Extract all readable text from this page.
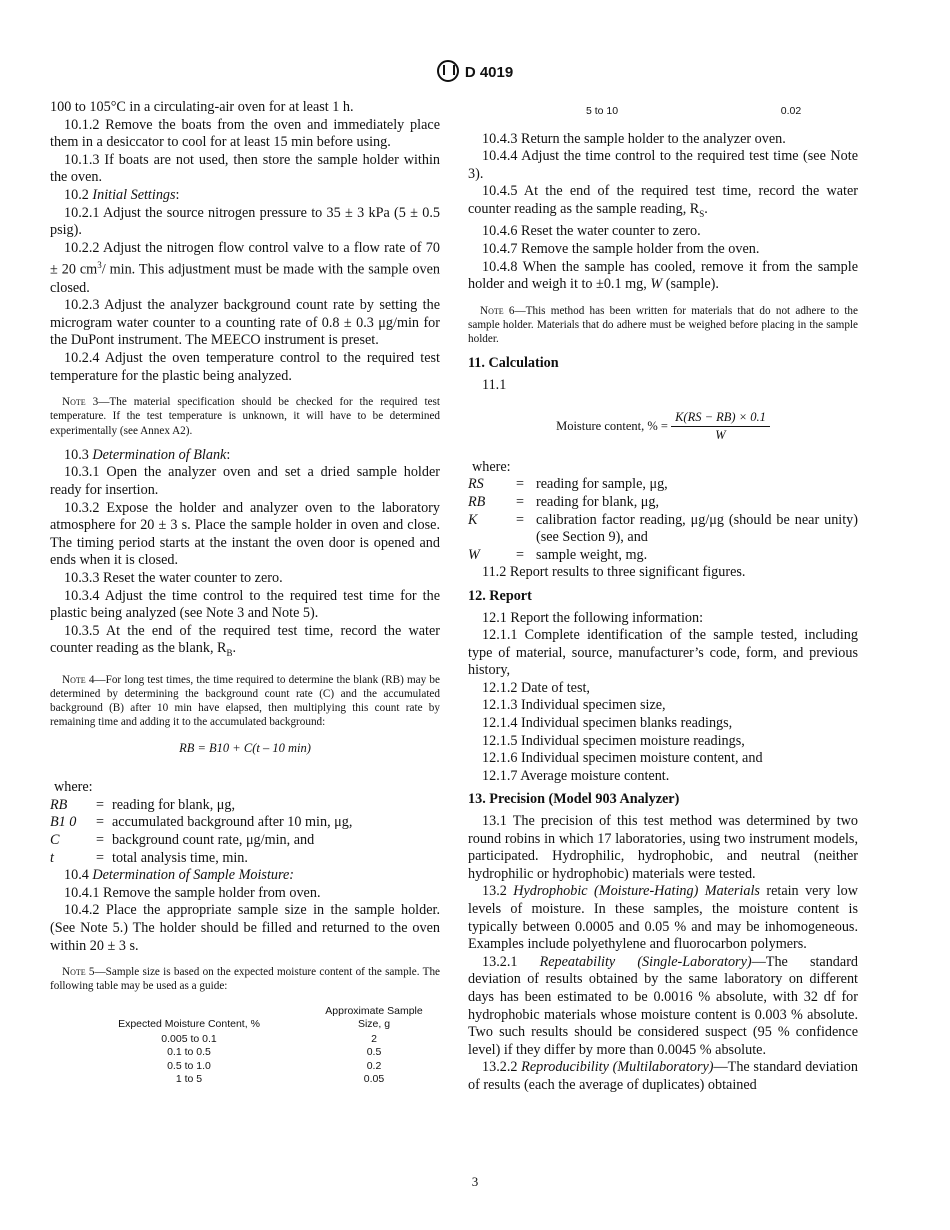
D 4019

100 to 105°C in a circulating-air oven for at least 1 h.

10.1.2 Remove the boats from the oven and immediately place them in a desiccator to cool for at least 15 min before using.

10.1.3 If boats are not used, then store the sample holder within the oven.

10.2 Initial Settings:

10.2.1 Adjust the source nitrogen pressure to 35 ± 3 kPa (5 ± 0.5 psig).

10.2.2 Adjust the nitrogen flow control valve to a flow rate of 70 ± 20 $cm^3/$ min. This adjustment must be made with the sample oven closed.

10.2.3 Adjust the analyzer background count rate by setting the microgram water counter to a counting rate of 0.8 ± 0.3 μg/min for the DuPont instrument. The MEECO instrument is preset.

10.2.4 Adjust the oven temperature control to the required test temperature for the plastic being analyzed.

Note 3—The material specification should be checked for the required test temperature. If the test temperature is unknown, it will have to be determined experimentally (see Annex A2).

10.3 Determination of Blank:

10.3.1 Open the analyzer oven and set a dried sample holder ready for insertion.

10.3.2 Expose the holder and analyzer oven to the laboratory atmosphere for 20 ± 3 s. Place the sample holder in oven and close. The timing period starts at the instant the oven door is opened and ends when it is closed.

10.3.3 Reset the water counter to zero.

10.3.4 Adjust the time control to the required test time for the plastic being analyzed (see Note 3 and Note 5).

10.3.5 At the end of the required test time, record the water counter reading as the blank, $R_B$.

Note 4—For long test times, the time required to determine the blank (RB) may be determined by determining the background count rate (C) and the accumulated background (B) after 10 min have elapsed, then multiplying this count rate by remaining time and adding it to the accumulated background:

RB = B10 + C(t – 10 min)

where:

RB	= reading for blank, μg,
B1 0	= accumulated background after 10 min, μg,
C	= background count rate, μg/min, and
t	= total analysis time, min.

10.4 Determination of Sample Moisture:

10.4.1 Remove the sample holder from oven.

10.4.2 Place the appropriate sample size in the sample holder. (See Note 5.) The holder should be filled and returned to the oven within 20 ± 3 s.

Note 5—Sample size is based on the expected moisture content of the sample. The following table may be used as a guide:

Expected Moisture Content, %	Approximate Sample Size, g
0.005 to 0.1	2
0.1 to 0.5	0.5
0.5 to 1.0	0.2
1 to 5	0.05
5 to 10	0.02

10.4.3 Return the sample holder to the analyzer oven.

10.4.4 Adjust the time control to the required test time (see Note 3).

10.4.5 At the end of the required test time, record the water counter reading as the sample reading, $R_S$.

10.4.6 Reset the water counter to zero.

10.4.7 Remove the sample holder from the oven.

10.4.8 When the sample has cooled, remove it from the sample holder and weigh it to ±0.1 mg, W (sample).

Note 6—This method has been written for materials that do not adhere to the sample holder. Materials that do adhere must be weighed before placing in the sample holder.

11. Calculation

11.1

Moisture content, % = $\frac{K(RS - RB) \times 0.1}{W}$

where:

RS	= reading for sample, μg,
RB	= reading for blank, μg,
K	= calibration factor reading, μg/μg (should be near unity) (see Section 9), and
W	= sample weight, mg.

11.2 Report results to three significant figures.

12. Report

12.1 Report the following information:

12.1.1 Complete identification of the sample tested, including type of material, source, manufacturer’s code, form, and previous history,

12.1.2 Date of test,

12.1.3 Individual specimen size,

12.1.4 Individual specimen blanks readings,

12.1.5 Individual specimen moisture readings,

12.1.6 Individual specimen moisture content, and

12.1.7 Average moisture content.

13. Precision (Model 903 Analyzer)

13.1 The precision of this test method was determined by two round robins in which 17 laboratories, using two instrument models, participated. Hydrophilic, hydrophobic, and neutral (neither hydrophilic or hydrophobic) materials were tested.

13.2 Hydrophobic (Moisture-Hating) Materials retain very low levels of moisture. In these samples, the moisture content is typically between 0.0005 and 0.05 % and may be inhomogeneous. Examples include polyethylene and fluorocarbon polymers.

13.2.1 Repeatability (Single-Laboratory)—The standard deviation of results obtained by the same laboratory on different days has been estimated to be 0.0016 % absolute, with 32 df for hydrophobic materials whose moisture content is 0.003 % absolute. Two such results should be considered suspect (95 % confidence level) if they differ by more than 0.0045 % absolute.

13.2.2 Reproducibility (Multilaboratory)—The standard deviation of results (each the average of duplicates) obtained

3
